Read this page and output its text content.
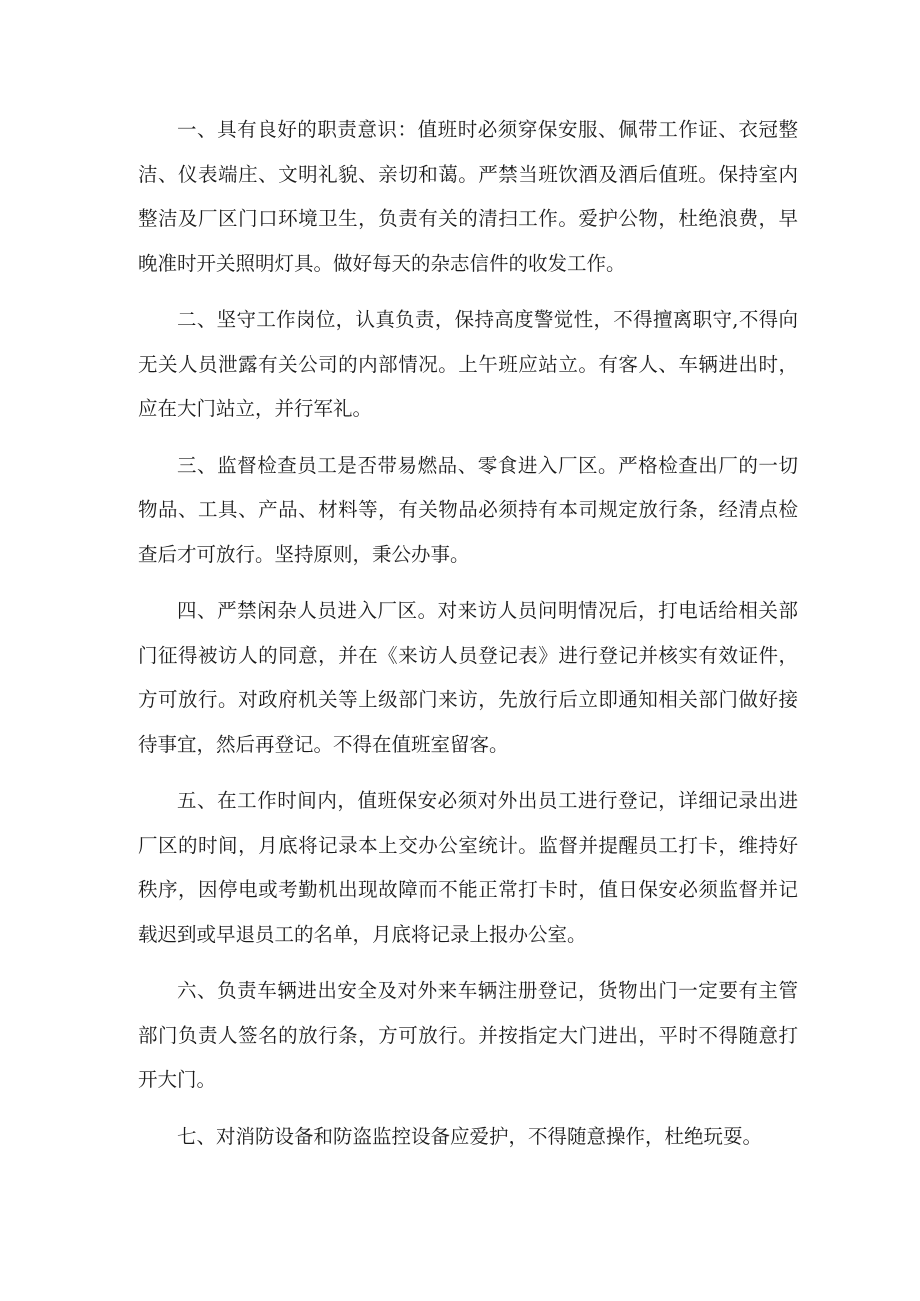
一、具有良好的职责意识：值班时必须穿保安服、佩带工作证、衣冠整洁、仪表端庄、文明礼貌、亲切和蔼。严禁当班饮酒及酒后值班。保持室内整洁及厂区门口环境卫生，负责有关的清扫工作。爱护公物，杜绝浪费，早晚准时开关照明灯具。做好每天的杂志信件的收发工作。

二、坚守工作岗位，认真负责，保持高度警觉性，不得擅离职守,不得向无关人员泄露有关公司的内部情况。上午班应站立。有客人、车辆进出时，应在大门站立，并行军礼。

三、监督检查员工是否带易燃品、零食进入厂区。严格检查出厂的一切物品、工具、产品、材料等，有关物品必须持有本司规定放行条，经清点检查后才可放行。坚持原则，秉公办事。

四、严禁闲杂人员进入厂区。对来访人员问明情况后，打电话给相关部门征得被访人的同意，并在《来访人员登记表》进行登记并核实有效证件，方可放行。对政府机关等上级部门来访，先放行后立即通知相关部门做好接待事宜，然后再登记。不得在值班室留客。

五、在工作时间内，值班保安必须对外出员工进行登记，详细记录出进厂区的时间，月底将记录本上交办公室统计。监督并提醒员工打卡，维持好秩序，因停电或考勤机出现故障而不能正常打卡时，值日保安必须监督并记载迟到或早退员工的名单，月底将记录上报办公室。

六、负责车辆进出安全及对外来车辆注册登记，货物出门一定要有主管部门负责人签名的放行条，方可放行。并按指定大门进出，平时不得随意打开大门。

七、对消防设备和防盗监控设备应爱护，不得随意操作，杜绝玩耍。
